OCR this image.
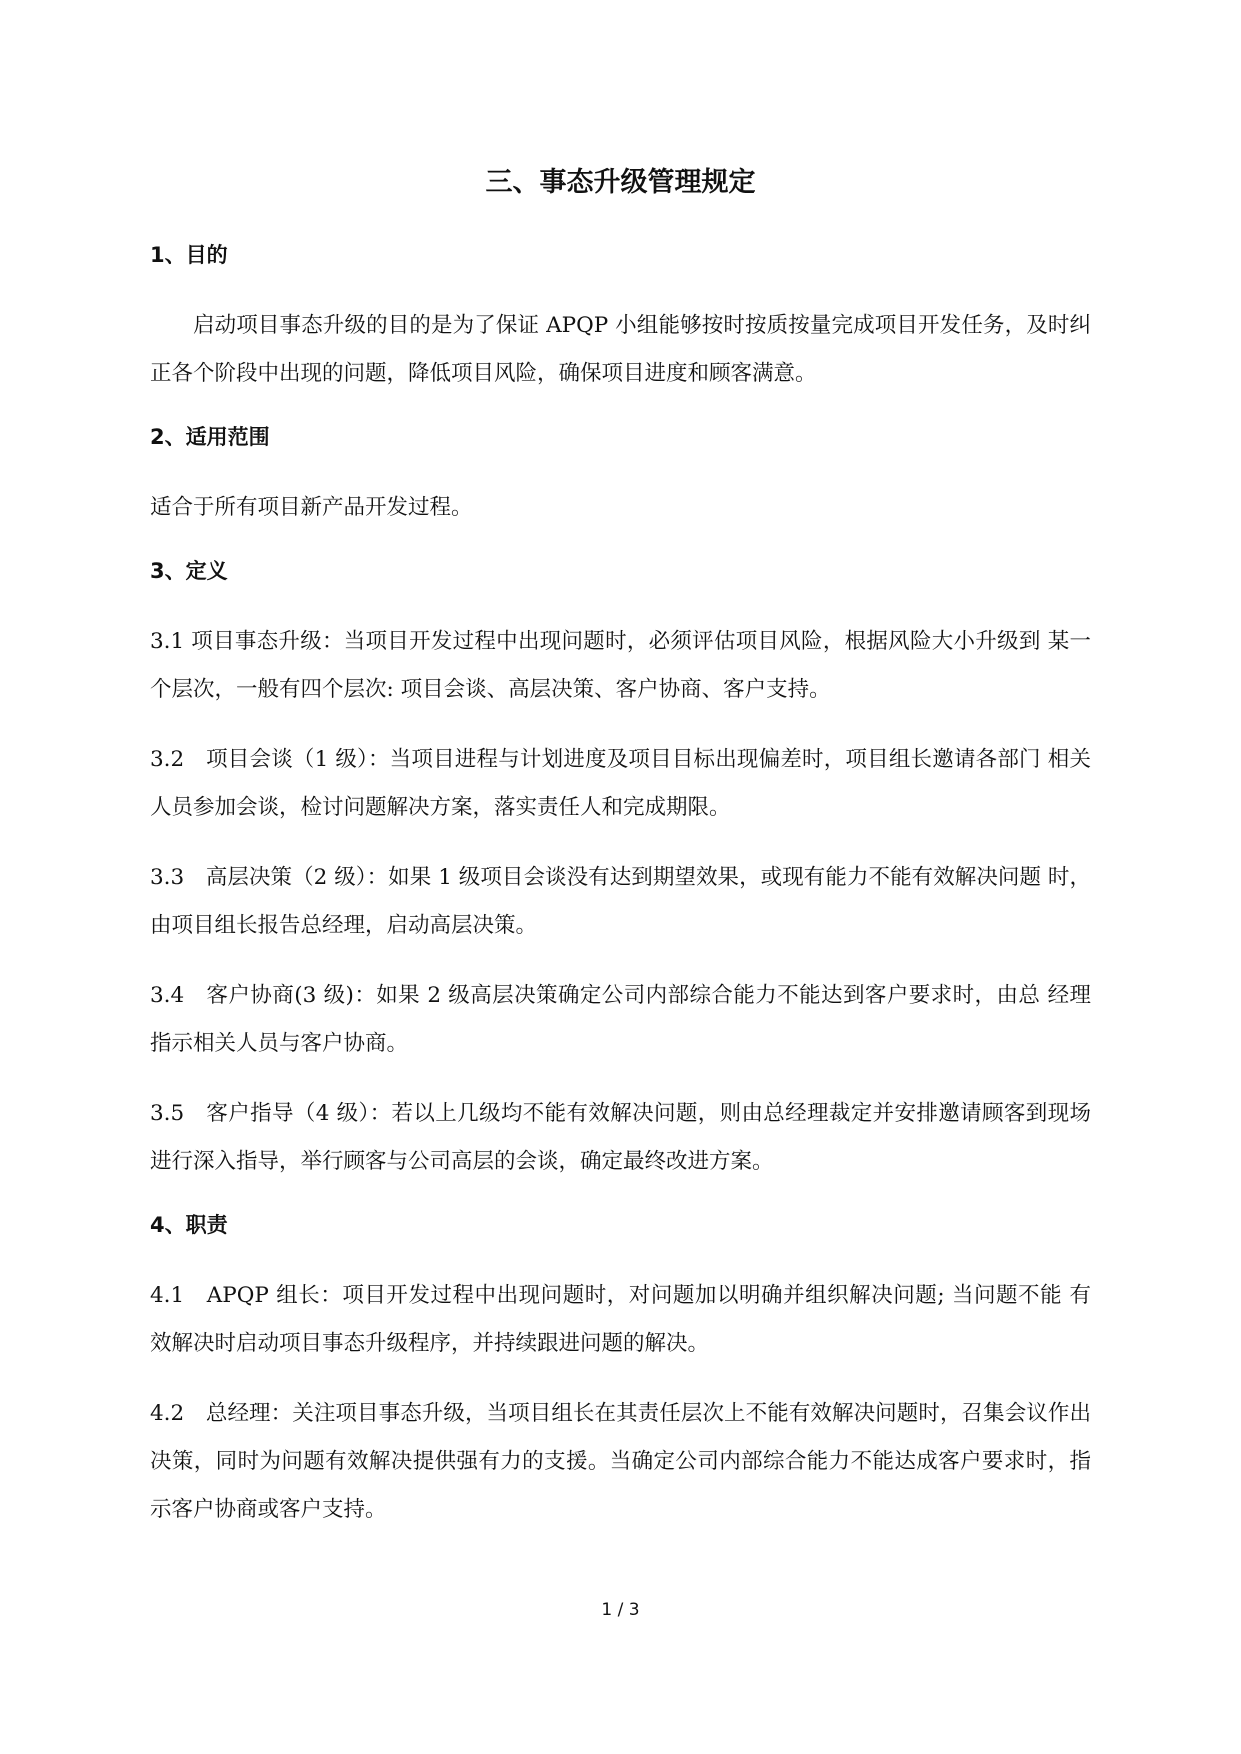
三、事态升级管理规定
1、目的

启动项目事态升级的目的是为了保证 APQP 小组能够按时按质按量完成项目开发任务，及时纠正各个阶段中出现的问题，降低项目风险，确保项目进度和顾客满意。

2、适用范围

适合于所有项目新产品开发过程。

3、定义

3.1 项目事态升级：当项目开发过程中出现问题时，必须评估项目风险，根据风险大小升级到 某一个层次，一般有四个层次: 项目会谈、高层决策、客户协商、客户支持。

3.2　项目会谈（1 级）：当项目进程与计划进度及项目目标出现偏差时，项目组长邀请各部门 相关人员参加会谈，检讨问题解决方案，落实责任人和完成期限。

3.3　高层决策（2 级）：如果 1 级项目会谈没有达到期望效果，或现有能力不能有效解决问题 时，由项目组长报告总经理，启动高层决策。

3.4　客户协商(3 级)：如果 2 级高层决策确定公司内部综合能力不能达到客户要求时，由总 经理指示相关人员与客户协商。

3.5　客户指导（4 级）：若以上几级均不能有效解决问题，则由总经理裁定并安排邀请顾客到现场进行深入指导，举行顾客与公司高层的会谈，确定最终改进方案。

4、职责

4.1　APQP 组长：项目开发过程中出现问题时，对问题加以明确并组织解决问题; 当问题不能 有效解决时启动项目事态升级程序，并持续跟进问题的解决。

4.2　总经理：关注项目事态升级，当项目组长在其责任层次上不能有效解决问题时，召集会议作出决策，同时为问题有效解决提供强有力的支援。当确定公司内部综合能力不能达成客户要求时，指示客户协商或客户支持。

1 / 3
